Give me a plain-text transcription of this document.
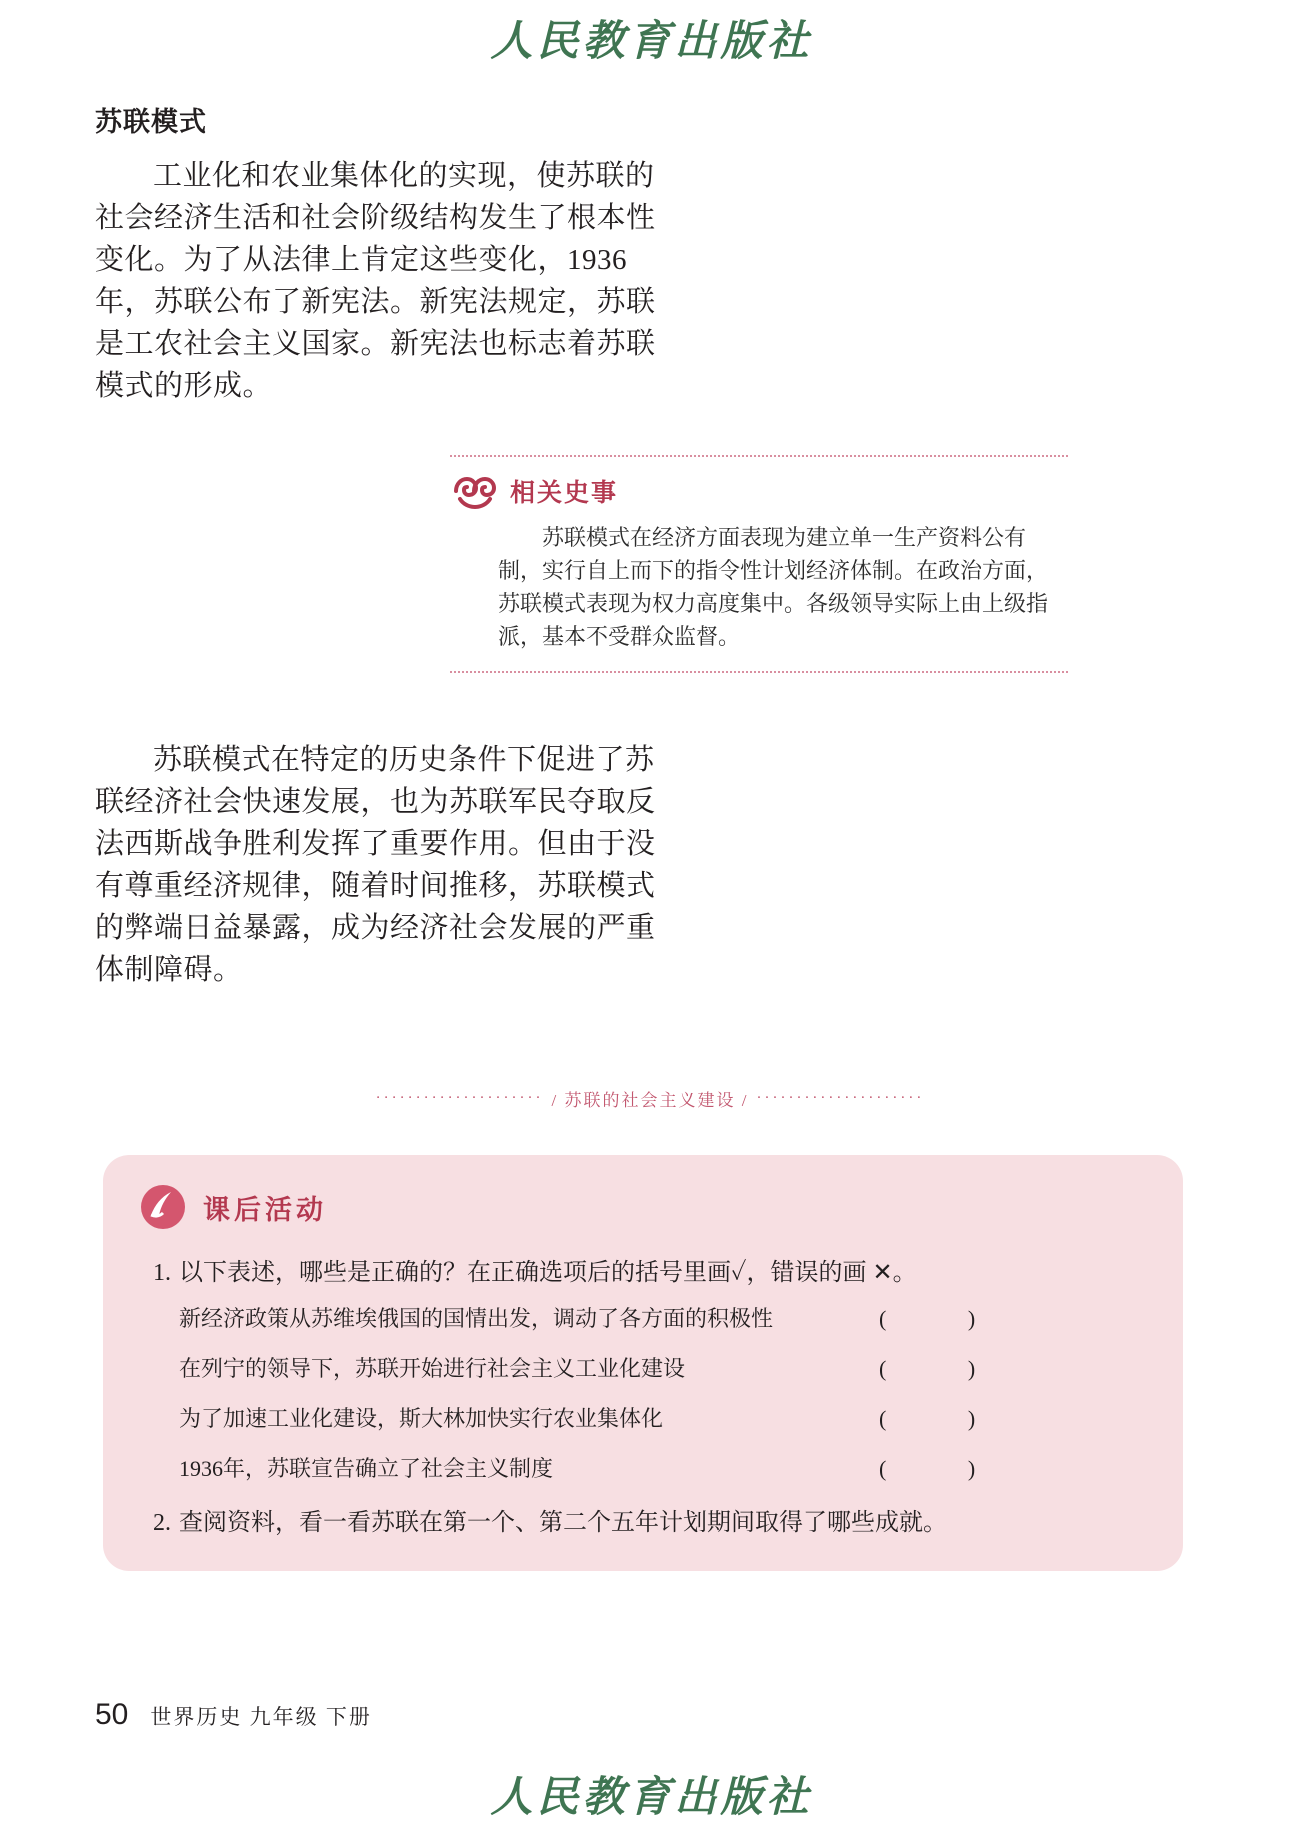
人民教育出版社
苏联模式

工业化和农业集体化的实现，使苏联的社会经济生活和社会阶级结构发生了根本性变化。为了从法律上肯定这些变化，1936年，苏联公布了新宪法。新宪法规定，苏联是工农社会主义国家。新宪法也标志着苏联模式的形成。

相关史事

苏联模式在经济方面表现为建立单一生产资料公有制，实行自上而下的指令性计划经济体制。在政治方面，苏联模式表现为权力高度集中。各级领导实际上由上级指派，基本不受群众监督。

苏联模式在特定的历史条件下促进了苏联经济社会快速发展，也为苏联军民夺取反法西斯战争胜利发挥了重要作用。但由于没有尊重经济规律，随着时间推移，苏联模式的弊端日益暴露，成为经济社会发展的严重体制障碍。

····················· / 苏联的社会主义建设 / ·····················
课后活动
1. 以下表述，哪些是正确的？在正确选项后的括号里画✓，错误的画 ✕。
新经济政策从苏维埃俄国的国情出发，调动了各方面的积极性	( )
在列宁的领导下，苏联开始进行社会主义工业化建设	( )
为了加速工业化建设，斯大林加快实行农业集体化	( )
1936年，苏联宣告确立了社会主义制度	( )
2. 查阅资料，看一看苏联在第一个、第二个五年计划期间取得了哪些成就。
50 世界历史 九年级 下册
人民教育出版社
